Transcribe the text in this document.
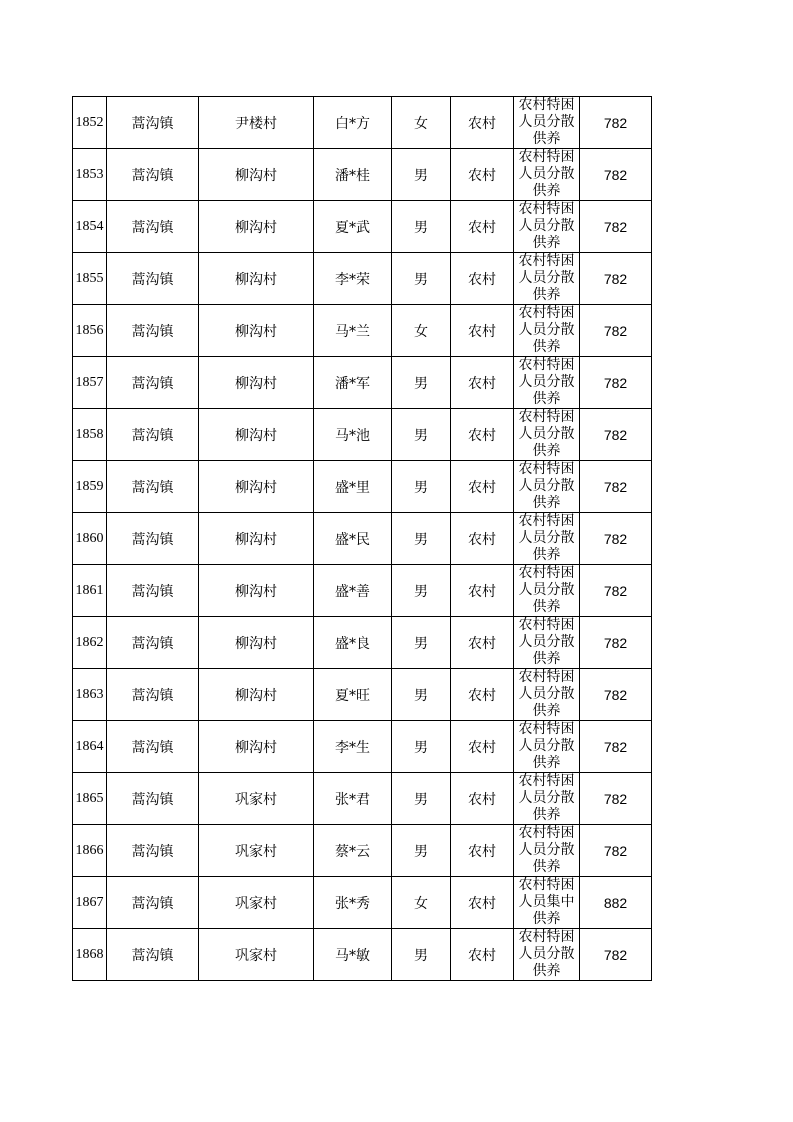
1852	蒿沟镇	尹楼村	白*方	女	农村	农村特困人员分散供养	782
1853	蒿沟镇	柳沟村	潘*桂	男	农村	农村特困人员分散供养	782
1854	蒿沟镇	柳沟村	夏*武	男	农村	农村特困人员分散供养	782
1855	蒿沟镇	柳沟村	李*荣	男	农村	农村特困人员分散供养	782
1856	蒿沟镇	柳沟村	马*兰	女	农村	农村特困人员分散供养	782
1857	蒿沟镇	柳沟村	潘*军	男	农村	农村特困人员分散供养	782
1858	蒿沟镇	柳沟村	马*池	男	农村	农村特困人员分散供养	782
1859	蒿沟镇	柳沟村	盛*里	男	农村	农村特困人员分散供养	782
1860	蒿沟镇	柳沟村	盛*民	男	农村	农村特困人员分散供养	782
1861	蒿沟镇	柳沟村	盛*善	男	农村	农村特困人员分散供养	782
1862	蒿沟镇	柳沟村	盛*良	男	农村	农村特困人员分散供养	782
1863	蒿沟镇	柳沟村	夏*旺	男	农村	农村特困人员分散供养	782
1864	蒿沟镇	柳沟村	李*生	男	农村	农村特困人员分散供养	782
1865	蒿沟镇	巩家村	张*君	男	农村	农村特困人员分散供养	782
1866	蒿沟镇	巩家村	蔡*云	男	农村	农村特困人员分散供养	782
1867	蒿沟镇	巩家村	张*秀	女	农村	农村特困人员集中供养	882
1868	蒿沟镇	巩家村	马*敏	男	农村	农村特困人员分散供养	782
